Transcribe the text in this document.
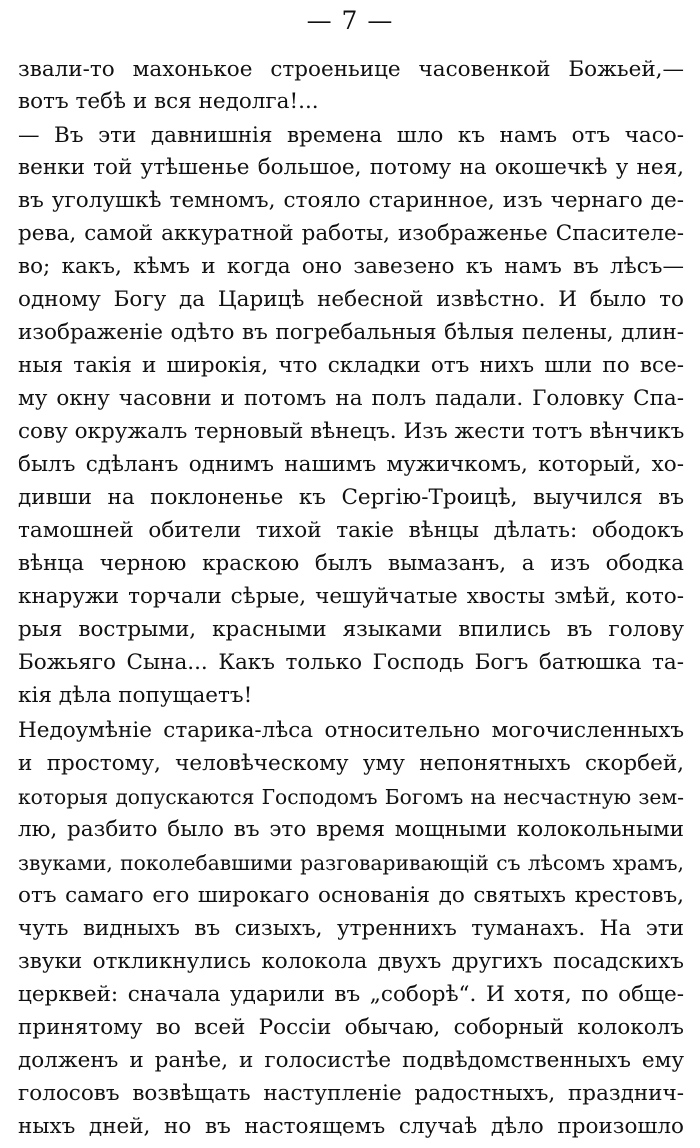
— 7 —
звали-то махонькое строеньице часовенкой Божьей,—
вотъ тебѣ и вся недолга!...
— Въ эти давнишнія времена шло къ намъ отъ часо-
венки той утѣшенье большое, потому на окошечкѣ у нея,
въ уголушкѣ темномъ, стояло старинное, изъ чернаго де-
рева, самой аккуратной работы, изображенье Спасителе-
во; какъ, кѣмъ и когда оно завезено къ намъ въ лѣсъ—
одному Богу да Царицѣ небесной извѣстно. И было то
изображеніе одѣто въ погребальныя бѣлыя пелены, длин-
ныя такія и широкія, что складки отъ нихъ шли по все-
му окну часовни и потомъ на полъ падали. Головку Спа-
сову окружалъ терновый вѣнецъ. Изъ жести тотъ вѣнчикъ
былъ сдѣланъ однимъ нашимъ мужичкомъ, который, хо-
дивши на поклоненье къ Сергію-Троицѣ, выучился въ
тамошней обители тихой такіе вѣнцы дѣлать: ободокъ
вѣнца черною краскою былъ вымазанъ, а изъ ободка
кнаружи торчали сѣрые, чешуйчатые хвосты змѣй, кото-
рыя вострыми, красными языками впились въ голову
Божьяго Сына... Какъ только Господь Богъ батюшка та-
кія дѣла попущаетъ!
Недоумѣніе старика-лѣса относительно могочисленныхъ
и простому, человѣческому уму непонятныхъ скорбей,
которыя допускаются Господомъ Богомъ на несчастную зем-
лю, разбито было въ это время мощными колокольными
звуками, поколебавшими разговаривающій съ лѣсомъ храмъ,
отъ самаго его широкаго основанія до святыхъ крестовъ,
чуть видныхъ въ сизыхъ, утреннихъ туманахъ. На эти
звуки откликнулись колокола двухъ другихъ посадскихъ
церквей: сначала ударили въ „соборѣ“. И хотя, по обще-
принятому во всей Россіи обычаю, соборный колоколъ
долженъ и ранѣе, и голосистѣе подвѣдомственныхъ ему
голосовъ возвѣщать наступленіе радостныхъ, празднич-
ныхъ дней, но въ настоящемъ случаѣ дѣло произошло
